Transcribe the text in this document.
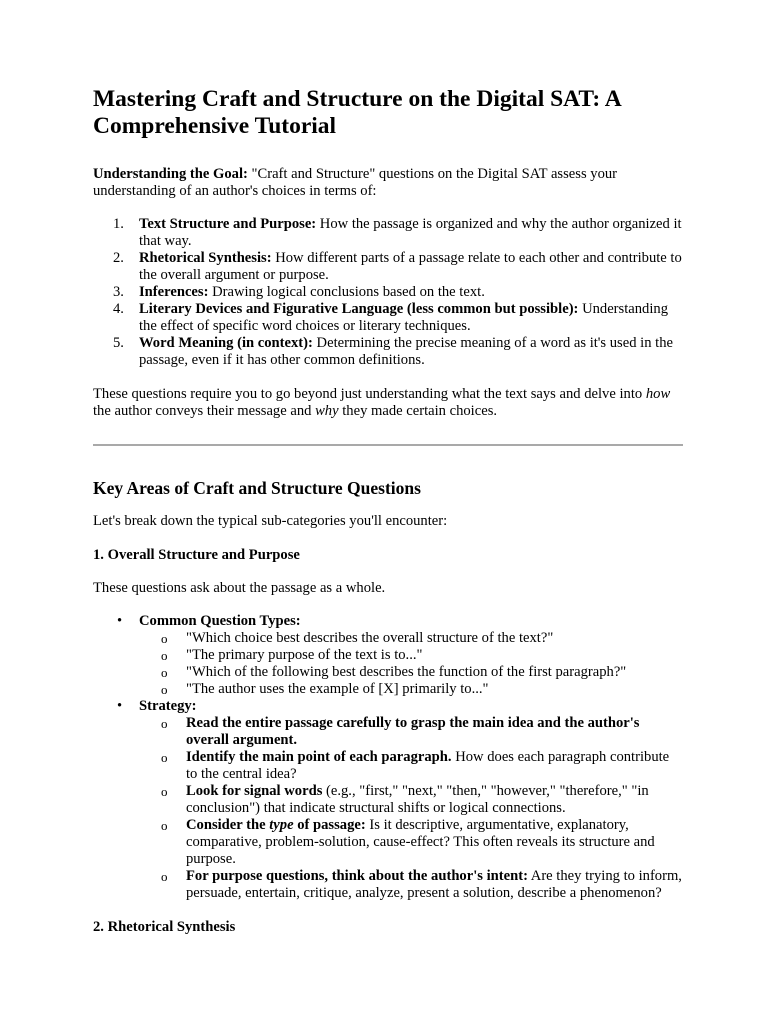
Mastering Craft and Structure on the Digital SAT: A Comprehensive Tutorial

Understanding the Goal: "Craft and Structure" questions on the Digital SAT assess your understanding of an author's choices in terms of:

1. Text Structure and Purpose: How the passage is organized and why the author organized it that way.
2. Rhetorical Synthesis: How different parts of a passage relate to each other and contribute to the overall argument or purpose.
3. Inferences: Drawing logical conclusions based on the text.
4. Literary Devices and Figurative Language (less common but possible): Understanding the effect of specific word choices or literary techniques.
5. Word Meaning (in context): Determining the precise meaning of a word as it's used in the passage, even if it has other common definitions.

These questions require you to go beyond just understanding what the text says and delve into how the author conveys their message and why they made certain choices.

Key Areas of Craft and Structure Questions

Let's break down the typical sub-categories you'll encounter:

1. Overall Structure and Purpose

These questions ask about the passage as a whole.

• Common Question Types:
o "Which choice best describes the overall structure of the text?"
o "The primary purpose of the text is to..."
o "Which of the following best describes the function of the first paragraph?"
o "The author uses the example of [X] primarily to..."
• Strategy:
o Read the entire passage carefully to grasp the main idea and the author's overall argument.
o Identify the main point of each paragraph. How does each paragraph contribute to the central idea?
o Look for signal words (e.g., "first," "next," "then," "however," "therefore," "in conclusion") that indicate structural shifts or logical connections.
o Consider the type of passage: Is it descriptive, argumentative, explanatory, comparative, problem-solution, cause-effect? This often reveals its structure and purpose.
o For purpose questions, think about the author's intent: Are they trying to inform, persuade, entertain, critique, analyze, present a solution, describe a phenomenon?
2. Rhetorical Synthesis
